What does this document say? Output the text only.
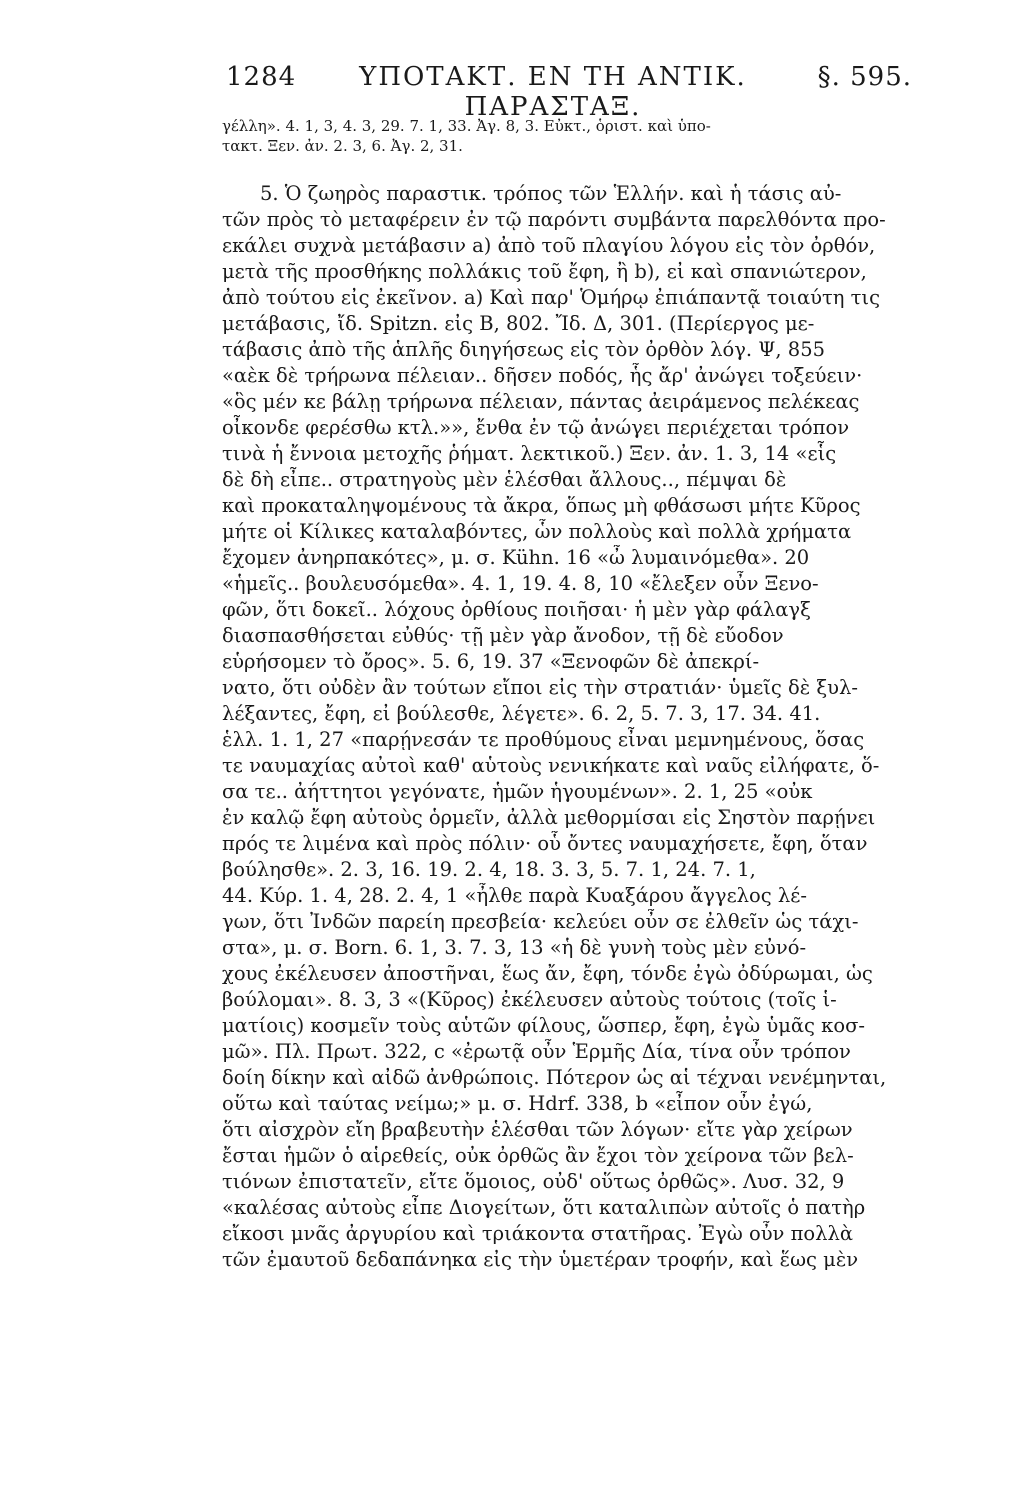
1284	ΥΠΟΤΑΚΤ. ΕΝ ΤΗ ΑΝΤΙΚ. ΠΑΡΑΣΤΑΞ.
§. 595.
γέλλη». 4. 1, 3, 4. 3, 29. 7. 1, 33. Ἀγ. 8, 3. Εὐκτ., ὁριστ. καὶ ὑπο-
τακτ. Ξεν. ἀν. 2. 3, 6. Ἀγ. 2, 31.
5. Ὁ ζωηρὸς παραστικ. τρόπος τῶν Ἑλλήν. καὶ ἡ τάσις αὐ-
τῶν πρὸς τὸ μεταφέρειν ἐν τῷ παρόντι συμβάντα παρελθόντα προ-
εκάλει συχνὰ μετάβασιν a) ἀπὸ τοῦ πλαγίου λόγου εἰς τὸν ὀρθόν,
μετὰ τῆς προσθήκης πολλάκις τοῦ ἔφη, ἢ b), εἰ καὶ σπανιώτερον,
ἀπὸ τούτου εἰς ἐκεῖνον. a) Καὶ παρ' Ὁμήρῳ ἐπιάπαντᾷ τοιαύτη τις
μετάβασις, ἴδ. Spitzn. εἰς B, 802. Ἴδ. Δ, 301. (Περίεργος με-
τάβασις ἀπὸ τῆς ἁπλῆς διηγήσεως εἰς τὸν ὀρθὸν λόγ. Ψ, 855
«αὲκ δὲ τρήρωνα πέλειαν.. δῆσεν ποδός, ἧς ἄρ' ἀνώγει τοξεύειν·
«ὃς μέν κε βάλῃ τρήρωνα πέλειαν, πάντας ἀειράμενος πελέκεας
οἶκονδε φερέσθω κτλ.»», ἔνθα ἐν τῷ ἀνώγει περιέχεται τρόπον
τινὰ ἡ ἔννοια μετοχῆς ῥήματ. λεκτικοῦ.) Ξεν. ἀν. 1. 3, 14 «εἷς
δὲ δὴ εἶπε.. στρατηγοὺς μὲν ἑλέσθαι ἄλλους.., πέμψαι δὲ
καὶ προκαταληψομένους τὰ ἄκρα, ὅπως μὴ φθάσωσι μήτε Κῦρος
μήτε οἱ Κίλικες καταλαβόντες, ὧν πολλοὺς καὶ πολλὰ χρήματα
ἔχομεν ἀνηρπακότες», μ. σ. Kühn. 16 «ὦ λυμαινόμεθα». 20
«ἡμεῖς.. βουλευσόμεθα». 4. 1, 19. 4. 8, 10 «ἔλεξεν οὖν Ξενο-
φῶν, ὅτι δοκεῖ.. λόχους ὀρθίους ποιῆσαι· ἡ μὲν γὰρ φάλαγξ
διασπασθήσεται εὐθύς· τῇ μὲν γὰρ ἄνοδον, τῇ δὲ εὔοδον
εὑρήσομεν τὸ ὄρος». 5. 6, 19. 37 «Ξενοφῶν δὲ ἀπεκρί-
νατο, ὅτι οὐδὲν ἂν τούτων εἴποι εἰς τὴν στρατιάν· ὑμεῖς δὲ ξυλ-
λέξαντες, ἔφη, εἰ βούλεσθε, λέγετε». 6. 2, 5. 7. 3, 17. 34. 41.
ἑλλ. 1. 1, 27 «παρῄνεσάν τε προθύμους εἶναι μεμνημένους, ὅσας
τε ναυμαχίας αὐτοὶ καθ' αὑτοὺς νενικήκατε καὶ ναῦς εἰλήφατε, ὅ-
σα τε.. ἀήττητοι γεγόνατε, ἡμῶν ἡγουμένων». 2. 1, 25 «οὐκ
ἐν καλῷ ἔφη αὐτοὺς ὁρμεῖν, ἀλλὰ μεθορμίσαι εἰς Σηστὸν παρῄνει
πρός τε λιμένα καὶ πρὸς πόλιν· οὗ ὄντες ναυμαχήσετε, ἔφη, ὅταν
βούλησθε». 2. 3, 16. 19. 2. 4, 18. 3. 3, 5. 7. 1, 24. 7. 1,
44. Κύρ. 1. 4, 28. 2. 4, 1 «ἦλθε παρὰ Κυαξάρου ἄγγελος λέ-
γων, ὅτι Ἰνδῶν παρείη πρεσβεία· κελεύει οὖν σε ἐλθεῖν ὡς τάχι-
στα», μ. σ. Born. 6. 1, 3. 7. 3, 13 «ἡ δὲ γυνὴ τοὺς μὲν εὐνό-
χους ἐκέλευσεν ἀποστῆναι, ἕως ἄν, ἔφη, τόνδε ἐγὼ ὀδύρωμαι, ὡς
βούλομαι». 8. 3, 3 «(Κῦρος) ἐκέλευσεν αὐτοὺς τούτοις (τοῖς ἱ-
ματίοις) κοσμεῖν τοὺς αὑτῶν φίλους, ὥσπερ, ἔφη, ἐγὼ ὑμᾶς κοσ-
μῶ». Πλ. Πρωτ. 322, c «ἐρωτᾷ οὖν Ἑρμῆς Δία, τίνα οὖν τρόπον
δοίη δίκην καὶ αἰδῶ ἀνθρώποις. Πότερον ὡς αἱ τέχναι νενέμηνται,
οὕτω καὶ ταύτας νείμω;» μ. σ. Hdrf. 338, b «εἶπον οὖν ἐγώ,
ὅτι αἰσχρὸν εἴη βραβευτὴν ἑλέσθαι τῶν λόγων· εἴτε γὰρ χείρων
ἔσται ἡμῶν ὁ αἱρεθείς, οὐκ ὀρθῶς ἂν ἔχοι τὸν χείρονα τῶν βελ-
τιόνων ἐπιστατεῖν, εἴτε ὅμοιος, οὐδ' οὕτως ὀρθῶς». Λυσ. 32, 9
«καλέσας αὐτοὺς εἶπε Διογείτων, ὅτι καταλιπὼν αὐτοῖς ὁ πατὴρ
εἴκοσι μνᾶς ἀργυρίου καὶ τριάκοντα στατῆρας. Ἐγὼ οὖν πολλὰ
τῶν ἐμαυτοῦ δεδαπάνηκα εἰς τὴν ὑμετέραν τροφήν, καὶ ἕως μὲν
